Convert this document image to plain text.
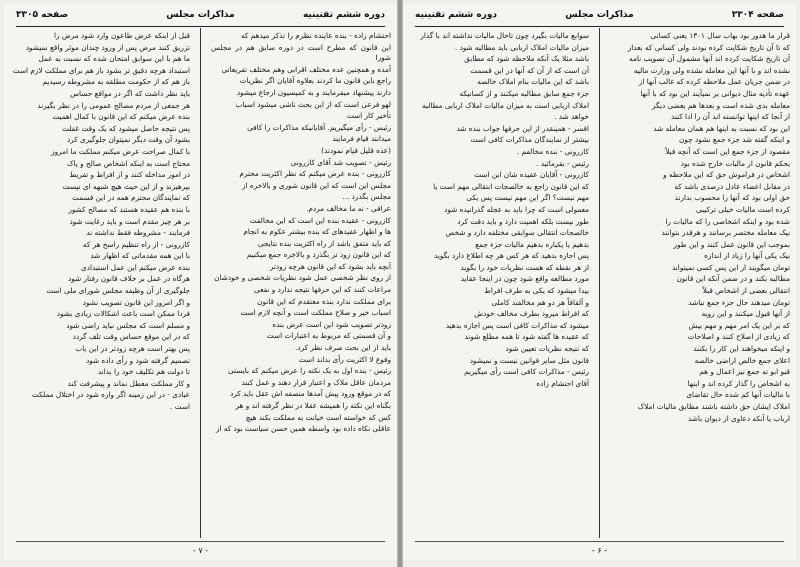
دوره ششم تقنینیه
مذاکرات مجلس
صفحه ۳۳۰۵

احتشام زاده - بنده عاینده نظرم را تذکر میدهم که

این قانون که مطرح است در دوره سابق هم در مجلس شورا

آمده و همچنین عده مختلف اقرابی وهم مختلف تفریعاتی

راجع باین قانون ما کردند بعلاوه آقایان اگر نظریات

دارند پیشنهاد میفرمایند و به کمیسیون ارجاع میشود

لهو فرعی است که از این بحث ناشی میشود اسباب

تأخیر کار است

رئیس - رأی میگیریم. آقایانیکه مذاکرات را کافی

میدانند قیام فرمایند

(عده قلیل قیام نمودند)

رئیس - تصویب شد آقای کازرونی

کازرونی - بنده عرض میکنم که نظر اکثریت محترم

مجلس این است که این قانون شوری و بالاخره از

مجلس بگذرد ...

عراقی - نه ما مخالف مردم.

کازرونی - عقیده بنده این است که این مخالفت

ها و اظهار عقیدهای که بنده بیشتر عکوم به انجام

که باید متفق باشد از راه اکثریت بنده نتایجی

که این قانون زود تر بگذرد و بالاخره جمع میکنیم

آنچه باید بشود که این قانون هرچه زودتر

از روی نظر شخصی عمل شود نظریات شخصی و خودشان

مراعات کنند که این حرفها نتیجه ندارد و نفعی

برای مملکت ندارد بنده معتقدم که این قانون

اسباب خیر و صلاح مملکت است و آنچه لازم است

زودتر تصویب شود این است عرض بنده

و آن قسمتی که مربوط به اعتبارات است

باید از این بحث صرف نظر کرد.

وقوع لا اکثریت رأی بداند است

رئیس - بنده اول به یک نکته را عرض میکنم که بایستی

مردمان عاقل ملاک و اعتبار قرار دهند و عمل کنند

که در موقع ورود پیش آمدها منصفه اش عقل باید کرد

بگناه این نکته را همیشه عقلا در نظر گرفته اند و هر

کس که خواسته است خیانت به مملکت بکند هیچ

عاقلی نکاه داده بود واسطه همین حسن سیاست بود که از

قبل از اینکه عرض طاعون وارد شود مرض را

تزریق کنند مرض پس از ورود چندان موثر واقع نمیشود

ما هم با این سوابق امتحان شده که نسبت به عمل

استبداد هرچه دقیق تر بشود باز هم برای مملکت لازم است

باز هم که از حکومت مطلقه به مشروطه رسیدیم

باید نظر داشت که اگر در مواقع حساس

هر جمعی از مردم مصالح عمومی را در نظر بگیرند

بنده عرض میکنم که این قانون با کمال اهمیت

پس نتیجه حاصل میشود که یک وقت غفلت

بشود آن وقت دیگر نمیتوان جلوگیری کرد

با کمال صراحت عرض میکنم مملکت ما امروز

محتاج است به اینکه اشخاص صالح و پاک

در امور مداخله کنند و از افراط و تفریط

بپرهیزند و از این حیث هیچ شبهه ای نیست

که نمایندگان محترم همه در این قسمت

با بنده هم عقیده هستند که مصالح کشور

بر هر چیز مقدم است و باید رعایت شود

فرمایند - مشروطه فقط نداشته ند

کازرونی - از راه تنظیم راسخ هر که

با این همه مقدماتی که اظهار شد

بنده عرض میکنم این عمل استبدادی

هرگاه در عمل بر خلاف قانون رفتار شود

جلوگیری از آن وظیفه مجلس شورای ملی است

و اگر امروز این قانون تصویب نشود

فردا ممکن است باعث اشکالات زیادی بشود

و مسلم است که مجلس نباید راضی شود

که در این موقع حساس وقت تلف گردد

پس بهتر است هرچه زودتر در این باب

تصمیم گرفته شود و رأی داده شود

تا دولت هم تکلیف خود را بداند

و کار مملکت معطل نماند و پیشرفت کند

عبادی - در این زمینه اگر واره شود در اختلال مملکت

است .

- ۷ -
دوره ششم تقنینیه	مذاکرات مجلس	صفحه ۳۳۰۴

قرار ما هدور بود بهاب سال ۱۳۰۱ یعنی کسانی

که تا آن تاریخ شکایت کرده بودند ولی کسانی که بعداز

آن تاریخ شکایت کرده اند آنها مشمول آن تصویب نامه

نشده اند و با آنها این معامله نشده ولی وزارت مالیه

در ضمن جریان عمل ملاحظه کرده که غالب آنها از

عهده تأدیه مثال دیوانی بر نمیآیند این بود که با آنها

معامله بدی شده است و بعدها هم بعضی دیگر

از آنجا که اینها توانسته اند آن را ادا کنند

این بود که نسبت به اینها هم همان معامله شد

و اینکه گفته شد جزء جمع نشود چون

مقصود از جزء جمع این است که آنچه قبلاً

بحکم قانون از مالیات خارج شده بود

اشخاص در فراموش حق که این ملاحظه و

در مقابل اعضاء عادل درصدی باشد که

حق اولی بود که آنها را محسوب بدارند

کرده است مالیات خیلی ترکیبی

شده بود و اینکه اشخاصی را که مالیات را

بیک معامله مختصر برسانند و هرقدر بتوانند

بموجب این قانون عمل کنند و این طور

بیک یکی آنها را زیاد از اندازه

تومان میگویند از این پس کسی نمیتواند

مطالبه بکند و در ضمن آنکه این قانون

انتقالی بعضی از اشخاص قبلاً

تومان میدهند حال جزء جمع نباشد

از آنها قبول میکنند و این رویه

که بر این یک امر مهم و مهم بیش

که زیادی از اصلاح کنند و اصلاحات

و اینکه میخواهند این کار را بکنند

اعلای جمع خالص اراضی خالصه

قبو ابو ته جمع نیز اعمال و هم

به اشخاص را گذار کرده اند و اینها

با مالیات آنها کم شده حال تقاضای

املاک ایشان حق داشته باشند مطابق مالیات املاک

ارباب یا آنکه دعاوی از دیوان باشد

سوابع مالیات بگیرد چون تاحال مالیات نداشته اند با گذار

میزان مالیات املاک اربابی باید مطالبه شود .

باشد مثلا یک آنکه ملاحظه شود که مطابق

آن است که از آن که آنها در این قسمت

باشد که این مالیات بنام املاک خالصه

جزء جمع سابق مطالبه میکنند و از کسانیکه

املاک اربابی است به میزان مالیات املاک اربابی مطالبه

خواهد شد .

اقسر - همینقدر از این حرفها جواب بنده شد

بیشتر از نمایندگان مذاکرات کافی است

کازرونی - بنده مخالفم .

رئیس - بفرمائید .

کازرونی - آقایان عقیده شان این است

که این قانون راجع به خالصجات انتقالی مهم است یا

مهم نیست؟ اگر این مهم نیست پس یکی

معمولی است که چرا باید به عجله گذرانیده شود

طور نیست بلکه اهمیت دارد و باید دقت کرد

خالصجات انتقالی سوابقی مختلفه دارد و شخص

بدهیم یا یکباره بدهیم مالیات جزء جمع

پس اجازه بدهید که هر کس هر چه اطلاع دارد بگوید

از هر نقطه که هست نظریات خود را بگوید

مورد مطالعه واقع شود چون در اینجا عقاید

بیدا میشود که یکی به طرف افراط

و آلقاقاً هر دو هم مخالفند کاملی

که افراط میرود بطرف مخالف خودش

میشود که مذاکرات کافی است پس اجازه بدهید

که عقیده ها گفته شود تا همه مطلع شوند

که نتیجه نظریات تعیین شود

قانون مثل سایر قوانین نیست و نمیشود

رئیس - مذاکرات کافی است رأی میگیریم

آقای احتشام زاده

- ۶ -
